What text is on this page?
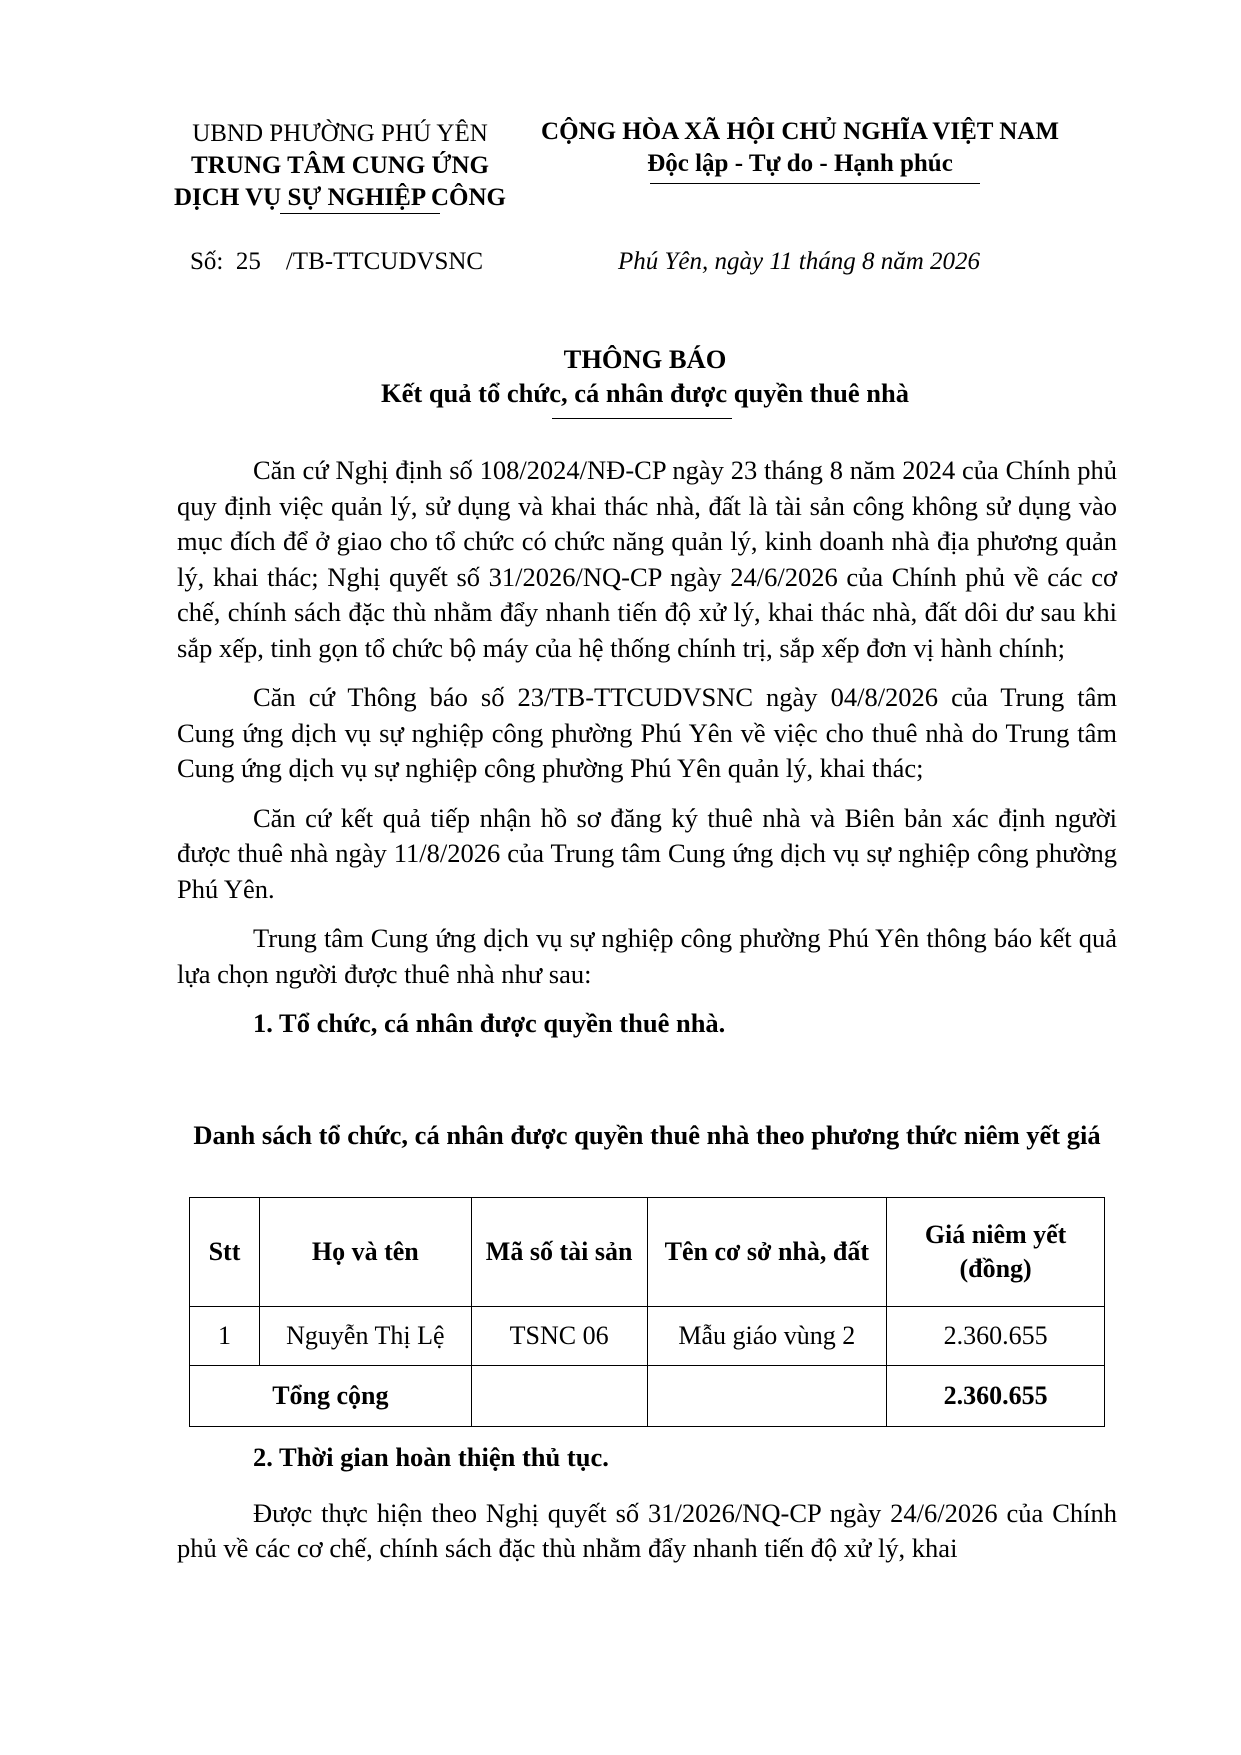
UBND PHƯỜNG PHÚ YÊN
TRUNG TÂM CUNG ỨNG
DỊCH VỤ SỰ NGHIỆP CÔNG
CỘNG HÒA XÃ HỘI CHỦ NGHĨA VIỆT NAM
Độc lập - Tự do - Hạnh phúc
Số: 25 /TB-TTCUDVSNC	Phú Yên, ngày 11 tháng 8 năm 2026
THÔNG BÁO
Kết quả tổ chức, cá nhân được quyền thuê nhà

Căn cứ Nghị định số 108/2024/NĐ-CP ngày 23 tháng 8 năm 2024 của Chính phủ quy định việc quản lý, sử dụng và khai thác nhà, đất là tài sản công không sử dụng vào mục đích để ở giao cho tổ chức có chức năng quản lý, kinh doanh nhà địa phương quản lý, khai thác; Nghị quyết số 31/2026/NQ-CP ngày 24/6/2026 của Chính phủ về các cơ chế, chính sách đặc thù nhằm đẩy nhanh tiến độ xử lý, khai thác nhà, đất dôi dư sau khi sắp xếp, tinh gọn tổ chức bộ máy của hệ thống chính trị, sắp xếp đơn vị hành chính;

Căn cứ Thông báo số 23/TB-TTCUDVSNC ngày 04/8/2026 của Trung tâm Cung ứng dịch vụ sự nghiệp công phường Phú Yên về việc cho thuê nhà do Trung tâm Cung ứng dịch vụ sự nghiệp công phường Phú Yên quản lý, khai thác;

Căn cứ kết quả tiếp nhận hồ sơ đăng ký thuê nhà và Biên bản xác định người được thuê nhà ngày 11/8/2026 của Trung tâm Cung ứng dịch vụ sự nghiệp công phường Phú Yên.

Trung tâm Cung ứng dịch vụ sự nghiệp công phường Phú Yên thông báo kết quả lựa chọn người được thuê nhà như sau:

1. Tổ chức, cá nhân được quyền thuê nhà.

Danh sách tổ chức, cá nhân được quyền thuê nhà theo phương thức niêm yết giá
Stt	Họ và tên	Mã số tài sản	Tên cơ sở nhà, đất	Giá niêm yết (đồng)
1	Nguyễn Thị Lệ	TSNC 06	Mẫu giáo vùng 2	2.360.655
Tổng cộng				2.360.655

2. Thời gian hoàn thiện thủ tục.

Được thực hiện theo Nghị quyết số 31/2026/NQ-CP ngày 24/6/2026 của Chính phủ về các cơ chế, chính sách đặc thù nhằm đẩy nhanh tiến độ xử lý, khai
